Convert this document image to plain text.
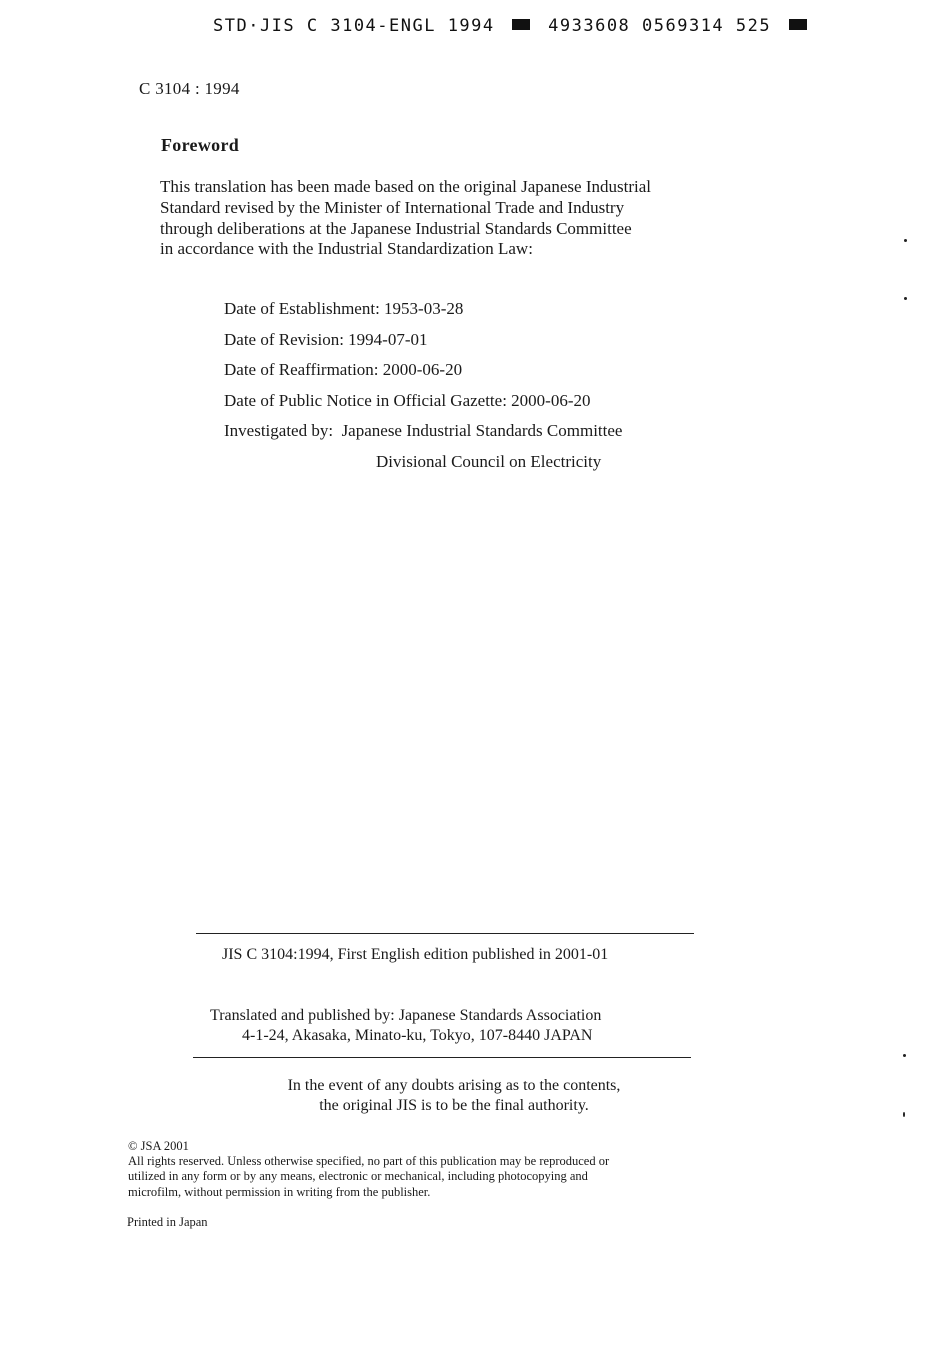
STD·JIS C 3104-ENGL 1994	4933608 0569314 525
C 3104 : 1994
Foreword
This translation has been made based on the original Japanese Industrial
Standard revised by the Minister of International Trade and Industry
through deliberations at the Japanese Industrial Standards Committee
in accordance with the Industrial Standardization Law:
Date of Establishment: 1953-03-28
Date of Revision: 1994-07-01
Date of Reaffirmation: 2000-06-20
Date of Public Notice in Official Gazette: 2000-06-20
Investigated by: Japanese Industrial Standards Committee
Divisional Council on Electricity
JIS C 3104:1994, First English edition published in 2001-01
Translated and published by: Japanese Standards Association
4-1-24, Akasaka, Minato-ku, Tokyo, 107-8440 JAPAN
In the event of any doubts arising as to the contents,
the original JIS is to be the final authority.
© JSA 2001
All rights reserved. Unless otherwise specified, no part of this publication may be reproduced or
utilized in any form or by any means, electronic or mechanical, including photocopying and
microfilm, without permission in writing from the publisher.
Printed in Japan
